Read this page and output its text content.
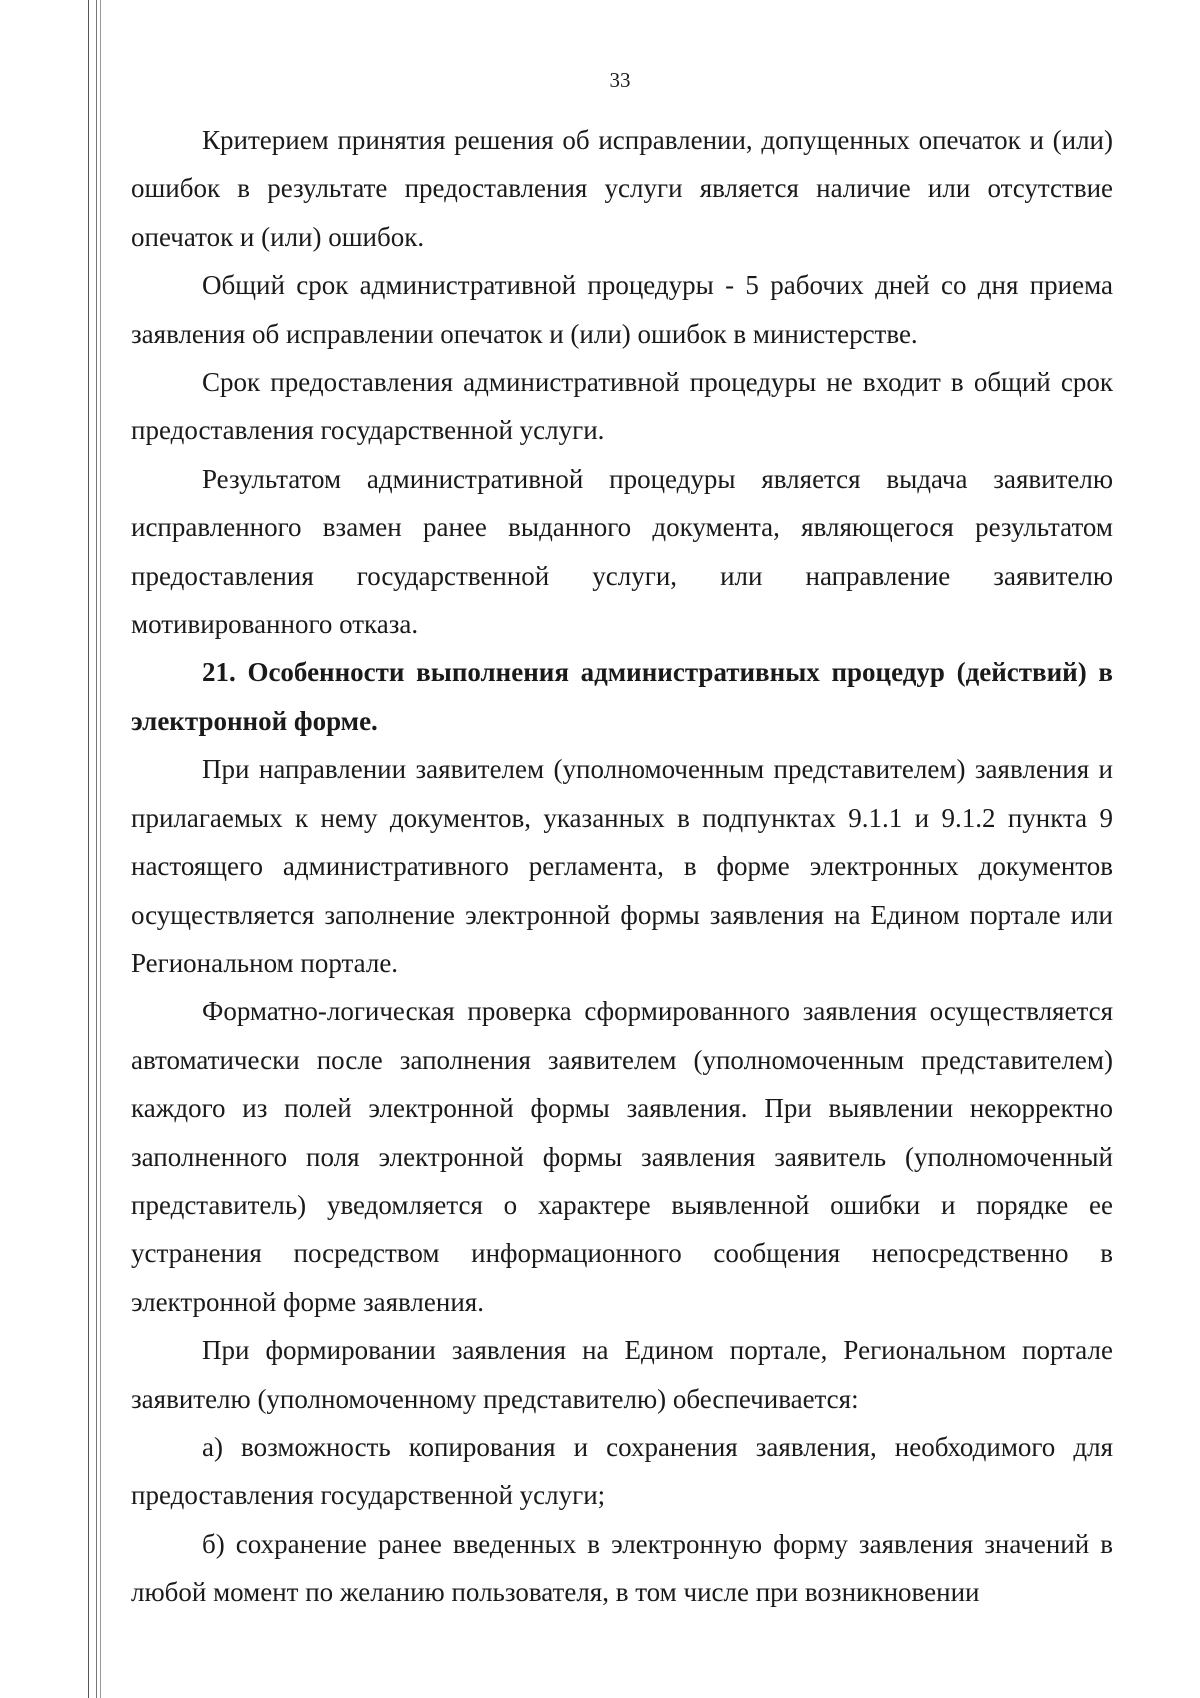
33

Критерием принятия решения об исправлении, допущенных опечаток и (или) ошибок в результате предоставления услуги является наличие или отсутствие опечаток и (или) ошибок.

Общий срок административной процедуры - 5 рабочих дней со дня приема заявления об исправлении опечаток и (или) ошибок в министерстве.

Срок предоставления административной процедуры не входит в общий срок предоставления государственной услуги.

Результатом административной процедуры является выдача заявителю исправленного взамен ранее выданного документа, являющегося результатом предоставления государственной услуги, или направление заявителю мотивированного отказа.

21. Особенности выполнения административных процедур (действий) в электронной форме.

При направлении заявителем (уполномоченным представителем) заявления и прилагаемых к нему документов, указанных в подпунктах 9.1.1 и 9.1.2 пункта 9 настоящего административного регламента, в форме электронных документов осуществляется заполнение электронной формы заявления на Едином портале или Региональном портале.

Форматно-логическая проверка сформированного заявления осуществляется автоматически после заполнения заявителем (уполномоченным представителем) каждого из полей электронной формы заявления. При выявлении некорректно заполненного поля электронной формы заявления заявитель (уполномоченный представитель) уведомляется о характере выявленной ошибки и порядке ее устранения посредством информационного сообщения непосредственно в электронной форме заявления.

При формировании заявления на Едином портале, Региональном портале заявителю (уполномоченному представителю) обеспечивается:

а) возможность копирования и сохранения заявления, необходимого для предоставления государственной услуги;

б) сохранение ранее введенных в электронную форму заявления значений в любой момент по желанию пользователя, в том числе при возникновении
